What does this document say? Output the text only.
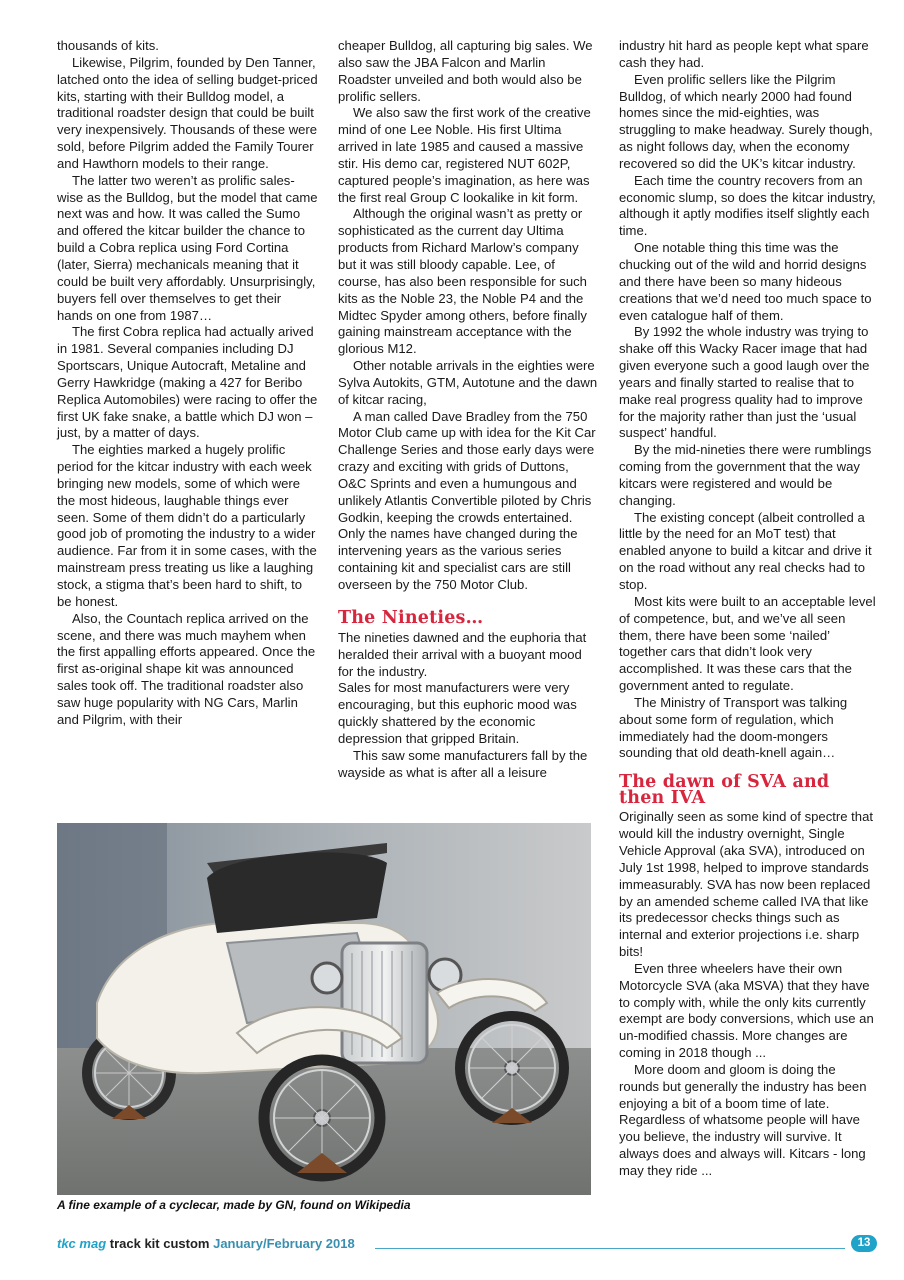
thousands of kits.

Likewise, Pilgrim, founded by Den Tanner, latched onto the idea of selling budget-priced kits, starting with their Bulldog model, a traditional roadster design that could be built very inexpensively. Thousands of these were sold, before Pilgrim added the Family Tourer and Hawthorn models to their range.

The latter two weren’t as prolific sales-wise as the Bulldog, but the model that came next was and how. It was called the Sumo and offered the kitcar builder the chance to build a Cobra replica using Ford Cortina (later, Sierra) mechanicals meaning that it could be built very affordably. Unsurprisingly, buyers fell over themselves to get their hands on one from 1987…

The first Cobra replica had actually arived in 1981. Several companies including DJ Sportscars, Unique Autocraft, Metaline and Gerry Hawkridge (making a 427 for Beribo Replica Automobiles) were racing to offer the first UK fake snake, a battle which DJ won – just, by a matter of days.

The eighties marked a hugely prolific period for the kitcar industry with each week bringing new models, some of which were the most hideous, laughable things ever seen. Some of them didn’t do a particularly good job of promoting the industry to a wider audience. Far from it in some cases, with the mainstream press treating us like a laughing stock, a stigma that’s been hard to shift, to be honest.

Also, the Countach replica arrived on the scene, and there was much mayhem when the first appalling efforts appeared. Once the first as-original shape kit was announced sales took off. The traditional roadster also saw huge popularity with NG Cars, Marlin and Pilgrim, with their

cheaper Bulldog, all capturing big sales. We also saw the JBA Falcon and Marlin Roadster unveiled and both would also be prolific sellers.

We also saw the first work of the creative mind of one Lee Noble. His first Ultima arrived in late 1985 and caused a massive stir. His demo car, registered NUT 602P, captured people’s imagination, as here was the first real Group C lookalike in kit form.

Although the original wasn’t as pretty or sophisticated as the current day Ultima products from Richard Marlow’s company but it was still bloody capable. Lee, of course, has also been responsible for such kits as the Noble 23, the Noble P4 and the Midtec Spyder among others, before finally gaining mainstream acceptance with the glorious M12.

Other notable arrivals in the eighties were Sylva Autokits, GTM, Autotune and the dawn of kitcar racing,

A man called Dave Bradley from the 750 Motor Club came up with idea for the Kit Car Challenge Series and those early days were crazy and exciting with grids of Duttons, O&C Sprints and even a humungous and unlikely Atlantis Convertible piloted by Chris Godkin, keeping the crowds entertained. Only the names have changed during the intervening years as the various series containing kit and specialist cars are still overseen by the 750 Motor Club.

The Nineties…

The nineties dawned and the euphoria that heralded their arrival with a buoyant mood for the industry.

Sales for most manufacturers were very encouraging, but this euphoric mood was quickly shattered by the economic depression that gripped Britain.

This saw some manufacturers fall by the wayside as what is after all a leisure

industry hit hard as people kept what spare cash they had.

Even prolific sellers like the Pilgrim Bulldog, of which nearly 2000 had found homes since the mid-eighties, was struggling to make headway. Surely though, as night follows day, when the economy recovered so did the UK’s kitcar industry.

Each time the country recovers from an economic slump, so does the kitcar industry, although it aptly modifies itself slightly each time.

One notable thing this time was the chucking out of the wild and horrid designs and there have been so many hideous creations that we’d need too much space to even catalogue half of them.

By 1992 the whole industry was trying to shake off this Wacky Racer image that had given everyone such a good laugh over the years and finally started to realise that to make real progress quality had to improve for the majority rather than just the ‘usual suspect’ handful.

By the mid-nineties there were rumblings coming from the government that the way kitcars were registered and would be changing.

The existing concept (albeit controlled a little by the need for an MoT test) that enabled anyone to build a kitcar and drive it on the road without any real checks had to stop.

Most kits were built to an acceptable level of competence, but, and we’ve all seen them, there have been some ‘nailed’ together cars that didn’t look very accomplished. It was these cars that the government anted to regulate.

The Ministry of Transport was talking about some form of regulation, which immediately had the doom-mongers sounding that old death-knell again…

The dawn of SVA and then IVA

Originally seen as some kind of spectre that would kill the industry overnight, Single Vehicle Approval (aka SVA), introduced on July 1st 1998, helped to improve standards immeasurably. SVA has now been replaced by an amended scheme called IVA that like its predecessor checks things such as internal and exterior projections i.e. sharp bits!

Even three wheelers have their own Motorcycle SVA (aka MSVA) that they have to comply with, while the only kits currently exempt are body conversions, which use an un-modified chassis. More changes are coming in 2018 though ...

More doom and gloom is doing the rounds but generally the industry has been enjoying a bit of a boom time of late. Regardless of whatsome people will have you believe, the industry will survive. It always does and always will. Kitcars - long may they ride ...

A fine example of a cyclecar, made by GN, found on Wikipedia
tkc mag track kit custom January/February 2018	13
